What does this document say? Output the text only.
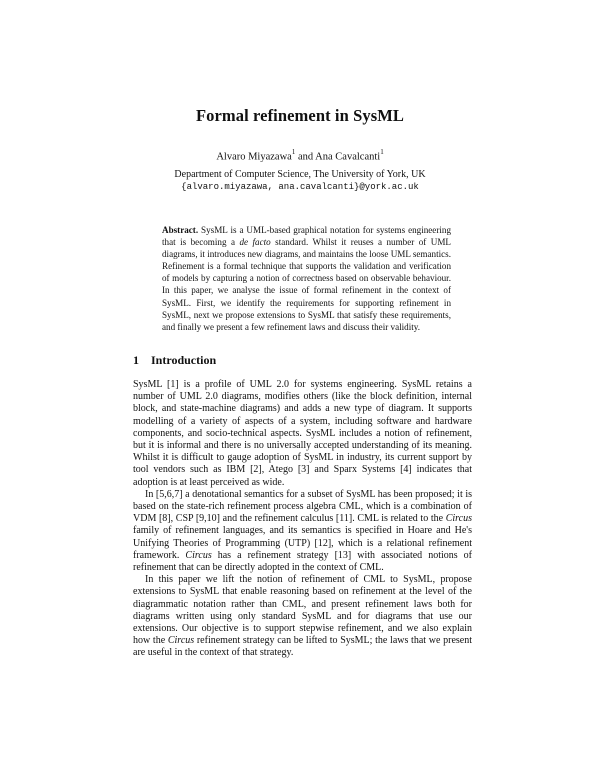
Formal refinement in SysML
Alvaro Miyazawa$^1$ and Ana Cavalcanti$^1$
Department of Computer Science, The University of York, UK
{alvaro.miyazawa, ana.cavalcanti}@york.ac.uk
Abstract. SysML is a UML-based graphical notation for systems engineering that is becoming a de facto standard. Whilst it reuses a number of UML diagrams, it introduces new diagrams, and maintains the loose UML semantics. Refinement is a formal technique that supports the validation and verification of models by capturing a notion of correctness based on observable behaviour. In this paper, we analyse the issue of formal refinement in the context of SysML. First, we identify the requirements for supporting refinement in SysML, next we propose extensions to SysML that satisfy these requirements, and finally we present a few refinement laws and discuss their validity.
1 Introduction

SysML [1] is a profile of UML 2.0 for systems engineering. SysML retains a number of UML 2.0 diagrams, modifies others (like the block definition, internal block, and state-machine diagrams) and adds a new type of diagram. It supports modelling of a variety of aspects of a system, including software and hardware components, and socio-technical aspects. SysML includes a notion of refinement, but it is informal and there is no universally accepted understanding of its meaning. Whilst it is difficult to gauge adoption of SysML in industry, its current support by tool vendors such as IBM [2], Atego [3] and Sparx Systems [4] indicates that adoption is at least perceived as wide.

In [5,6,7] a denotational semantics for a subset of SysML has been proposed; it is based on the state-rich refinement process algebra CML, which is a combination of VDM [8], CSP [9,10] and the refinement calculus [11]. CML is related to the Circus family of refinement languages, and its semantics is specified in Hoare and He's Unifying Theories of Programming (UTP) [12], which is a relational refinement framework. Circus has a refinement strategy [13] with associated notions of refinement that can be directly adopted in the context of CML.

In this paper we lift the notion of refinement of CML to SysML, propose extensions to SysML that enable reasoning based on refinement at the level of the diagrammatic notation rather than CML, and present refinement laws both for diagrams written using only standard SysML and for diagrams that use our extensions. Our objective is to support stepwise refinement, and we also explain how the Circus refinement strategy can be lifted to SysML; the laws that we present are useful in the context of that strategy.
